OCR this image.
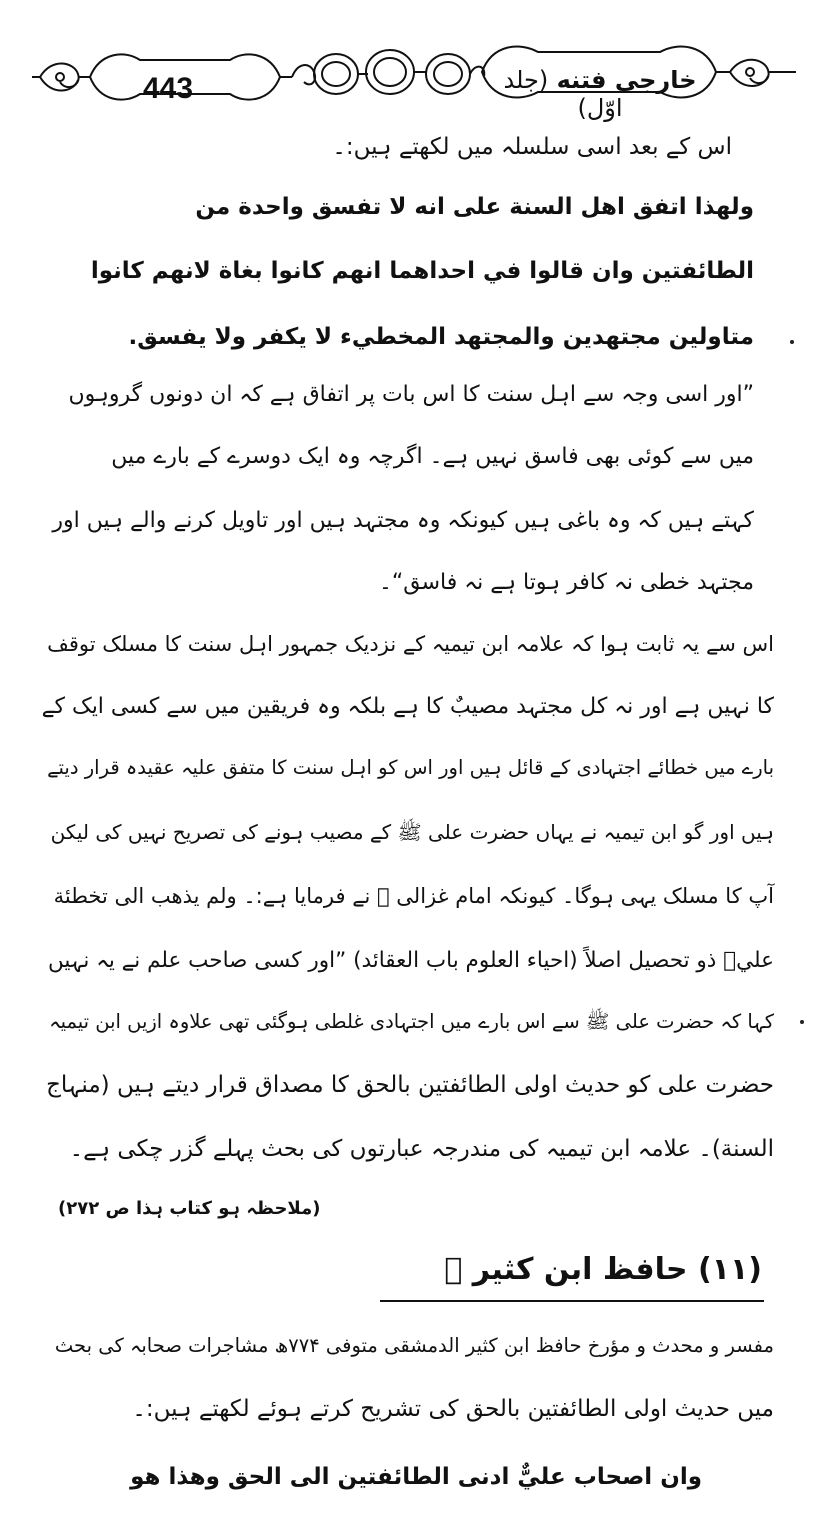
443	خارجی فتنه (جلد اوّل)
اس کے بعد اسی سلسلہ میں لکھتے ہیں:۔
ولهذا اتفق اهل السنة على انه لا تفسق واحدة من
الطائفتين وان قالوا في احداهما انهم كانوا بغاة لانهم كانوا
متاولين مجتهدين والمجتهد المخطيء لا يكفر ولا يفسق.
”اور اسی وجہ سے اہل سنت کا اس بات پر اتفاق ہے کہ ان دونوں گروہوں
میں سے کوئی بھی فاسق نہیں ہے۔ اگرچہ وہ ایک دوسرے کے بارے میں
کہتے ہیں کہ وہ باغی ہیں کیونکہ وہ مجتہد ہیں اور تاویل کرنے والے ہیں اور
مجتہد خطی نہ کافر ہوتا ہے نہ فاسق“۔
اس سے یہ ثابت ہوا کہ علامہ ابن تیمیہ کے نزدیک جمہور اہل سنت کا مسلک توقف
کا نہیں ہے اور نہ کل مجتہد مصیبٌ کا ہے بلکہ وہ فریقین میں سے کسی ایک کے
بارے میں خطائے اجتہادی کے قائل ہیں اور اس کو اہل سنت کا متفق علیہ عقیدہ قرار دیتے
ہیں اور گو ابن تیمیہ نے یہاں حضرت علی ﷺ کے مصیب ہونے کی تصریح نہیں کی لیکن
آپ کا مسلک یہی ہوگا۔ کیونکہ امام غزالی ﷫ نے فرمایا ہے:۔ ولم يذهب الى تخطئة
عليؓ ذو تحصيل اصلاً (احیاء العلوم باب العقائد) ”اور کسی صاحب علم نے یہ نہیں
کہا کہ حضرت علی ﷺ سے اس بارے میں اجتہادی غلطی ہوگئی تھی علاوہ ازیں ابن تیمیہ
حضرت علی کو حدیث اولی الطائفتین بالحق کا مصداق قرار دیتے ہیں (منہاج
السنة)۔ علامہ ابن تیمیہ کی مندرجہ عبارتوں کی بحث پہلے گزر چکی ہے۔
(ملاحظہ ہو کتاب ہذا ص ۲۷۲)
(۱۱) حافظ ابن کثیر ﷫
مفسر و محدث و مؤرخ حافظ ابن کثیر الدمشقی متوفی ۷۷۴ھ مشاجرات صحابہ کی بحث
میں حدیث اولی الطائفتین بالحق کی تشریح کرتے ہوئے لکھتے ہیں:۔
وان اصحاب عليٌّ ادنى الطائفتين الى الحق وهذا هو
